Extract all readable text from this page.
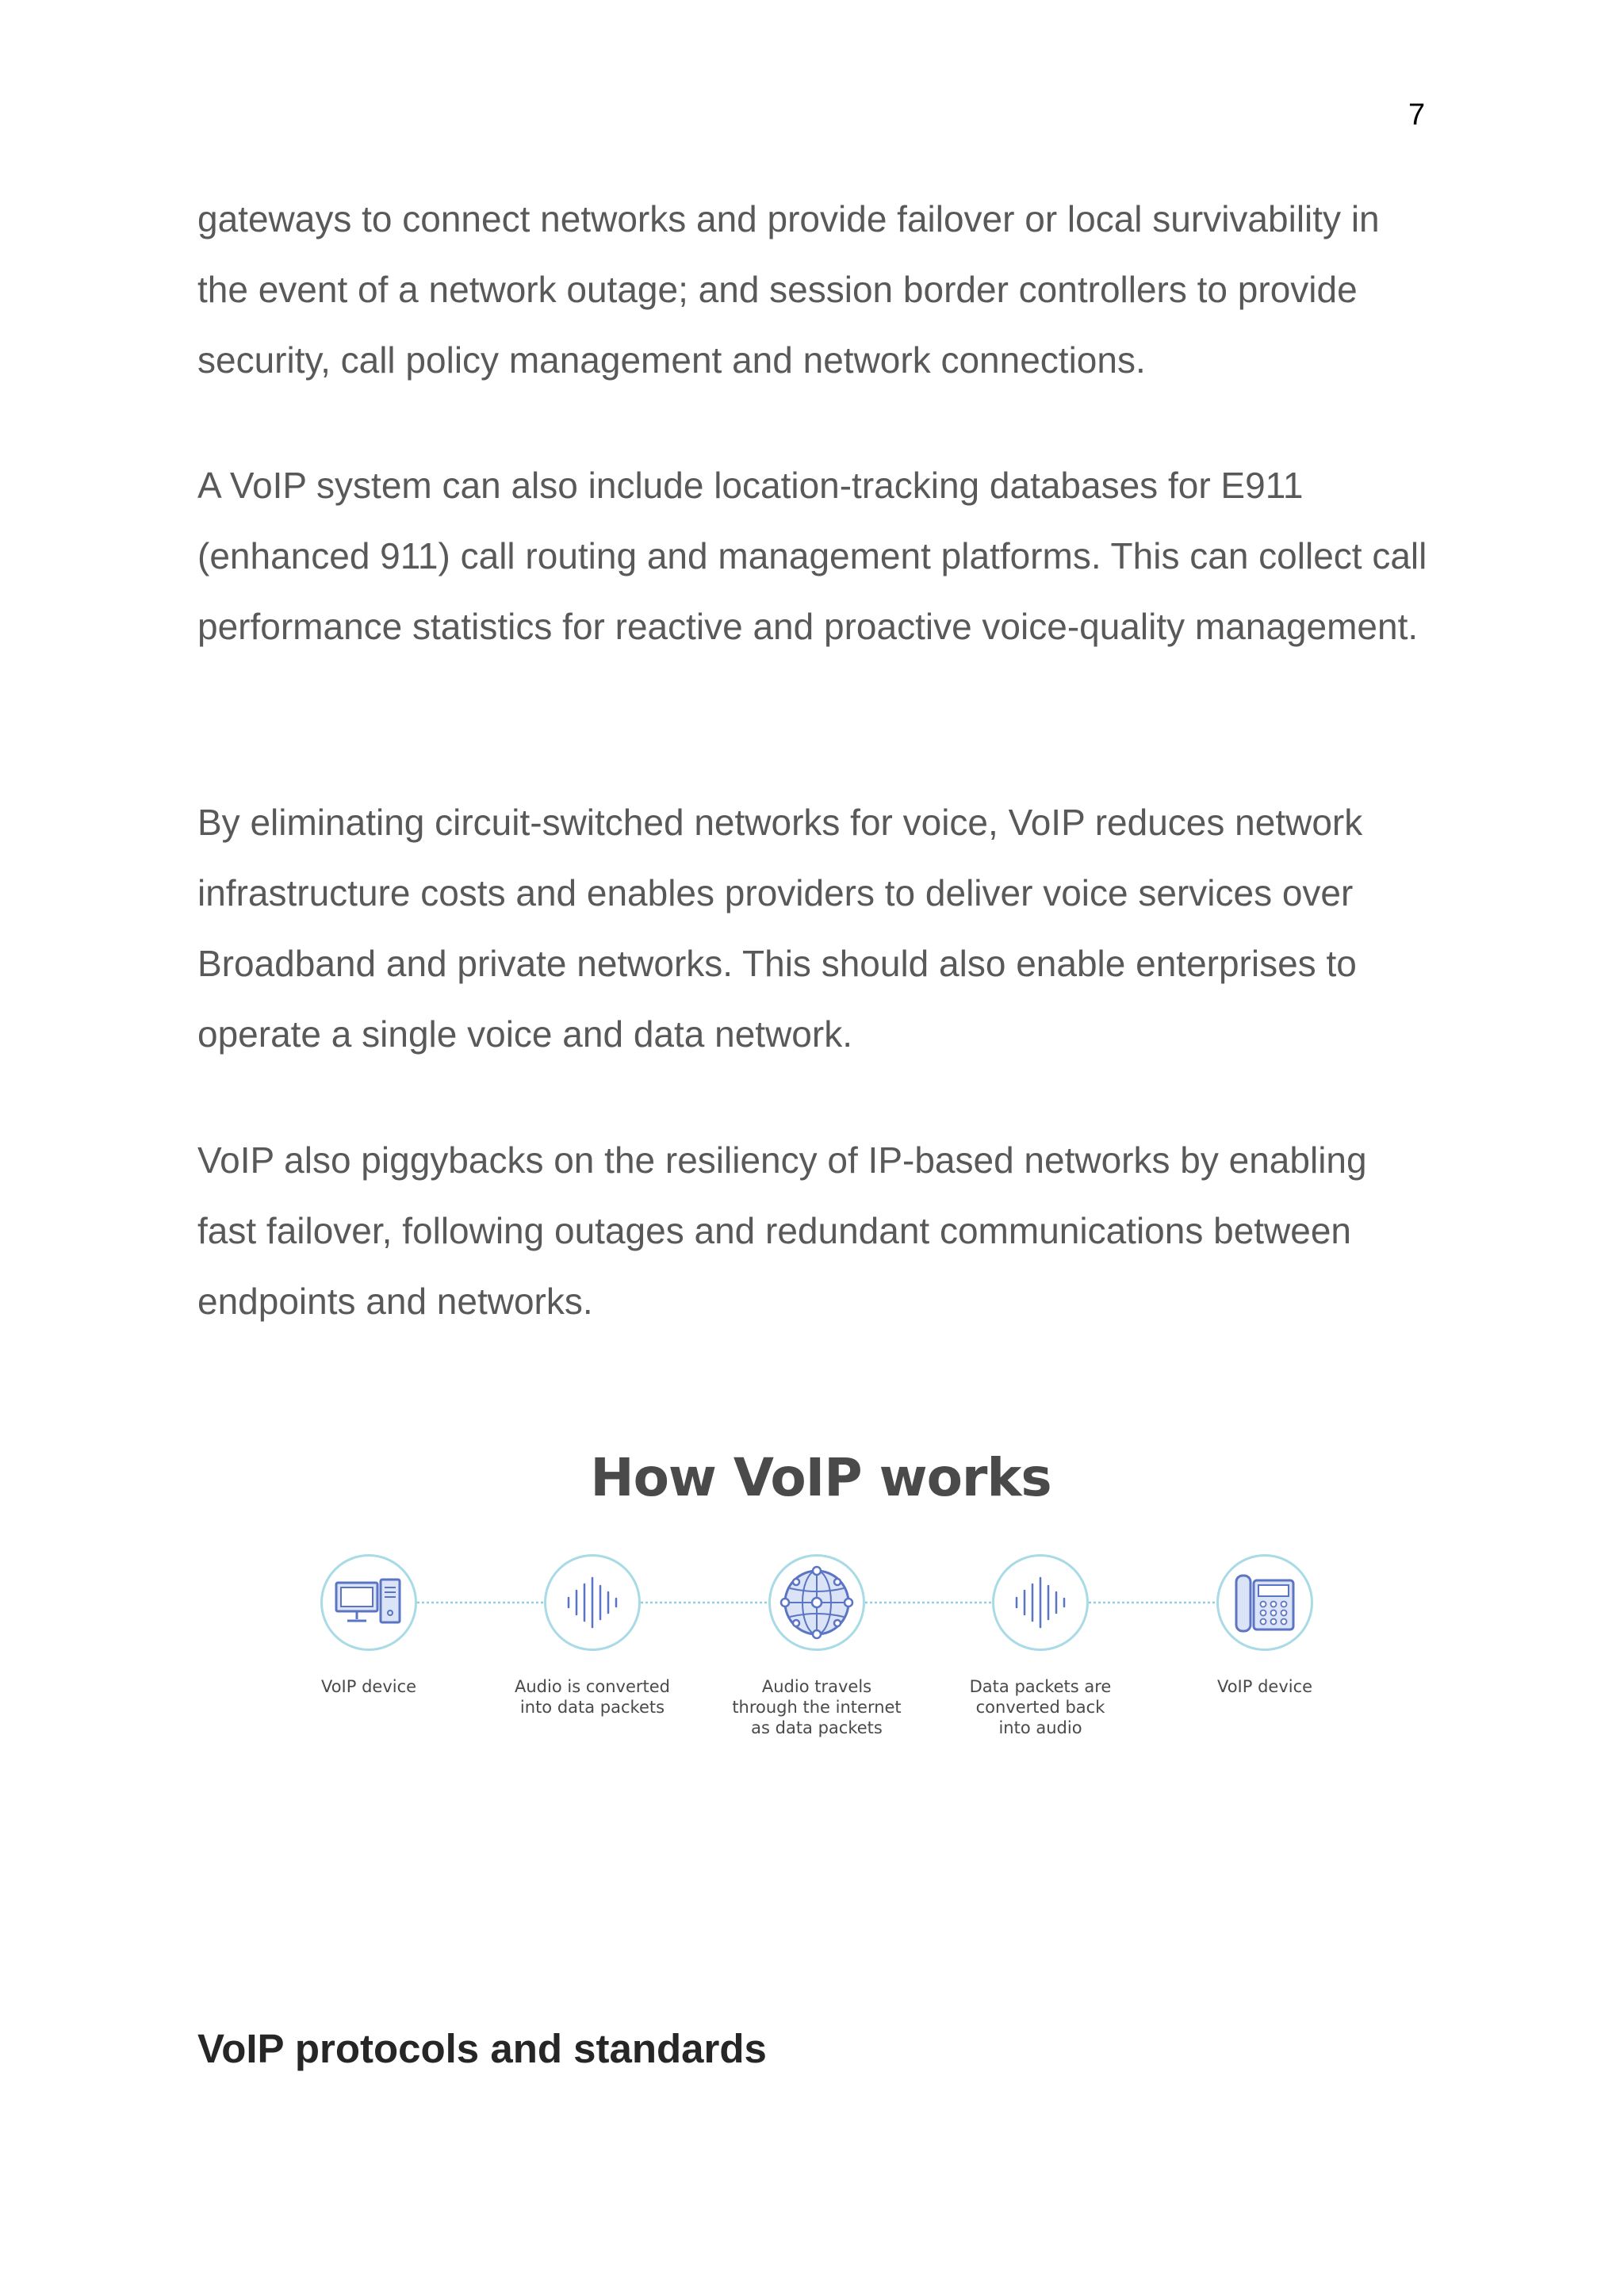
7

gateways to connect networks and provide failover or local survivability in the event of a network outage; and session border controllers to provide security, call policy management and network connections.

A VoIP system can also include location-tracking databases for E911 (enhanced 911) call routing and management platforms. This can collect call performance statistics for reactive and proactive voice-quality management.

By eliminating circuit-switched networks for voice, VoIP reduces network infrastructure costs and enables providers to deliver voice services over Broadband and private networks. This should also enable enterprises to operate a single voice and data network.

VoIP also piggybacks on the resiliency of IP-based networks by enabling fast failover, following outages and redundant communications between endpoints and networks.

How VoIP works
VoIP device	Audio is converted
into data packets
Audio travels
through the internet
as data packets
Data packets are
converted back
into audio
VoIP device
VoIP protocols and standards
